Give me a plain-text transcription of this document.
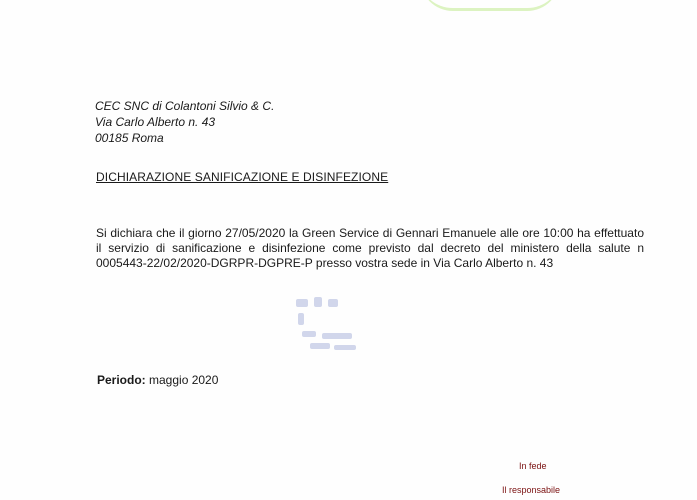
CEC SNC di Colantoni Silvio & C.
Via Carlo Alberto n. 43
00185 Roma
DICHIARAZIONE SANIFICAZIONE E DISINFEZIONE
Si dichiara che il giorno 27/05/2020 la Green Service di Gennari Emanuele alle ore 10:00 ha effettuato il servizio di sanificazione e disinfezione come previsto dal decreto del ministero della salute n 0005443-22/02/2020-DGRPR-DGPRE-P presso vostra sede in Via Carlo Alberto n. 43
Periodo: maggio 2020
In fede
Il responsabile
